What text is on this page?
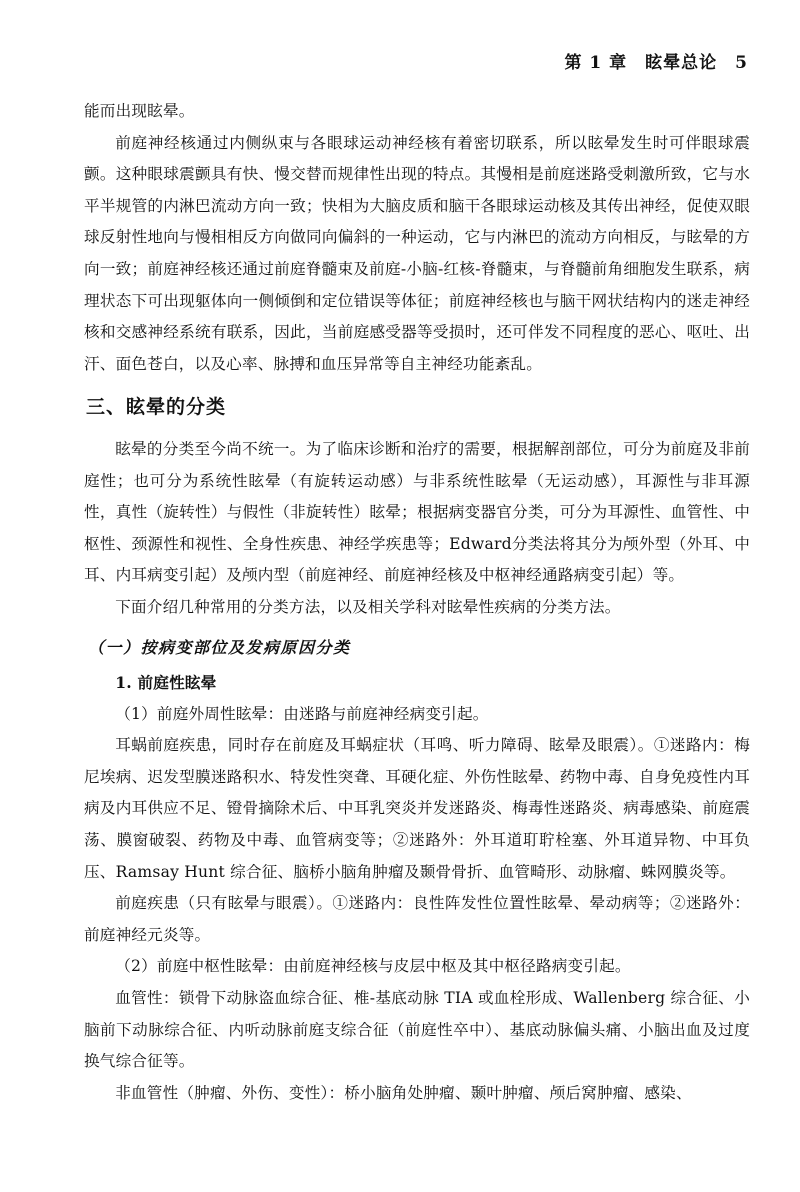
第 1 章　眩晕总论 5

能而出现眩晕。

前庭神经核通过内侧纵束与各眼球运动神经核有着密切联系，所以眩晕发生时可伴眼球震颤。这种眼球震颤具有快、慢交替而规律性出现的特点。其慢相是前庭迷路受刺激所致，它与水平半规管的内淋巴流动方向一致；快相为大脑皮质和脑干各眼球运动核及其传出神经，促使双眼球反射性地向与慢相相反方向做同向偏斜的一种运动，它与内淋巴的流动方向相反，与眩晕的方向一致；前庭神经核还通过前庭脊髓束及前庭-小脑-红核-脊髓束，与脊髓前角细胞发生联系，病理状态下可出现躯体向一侧倾倒和定位错误等体征；前庭神经核也与脑干网状结构内的迷走神经核和交感神经系统有联系，因此，当前庭感受器等受损时，还可伴发不同程度的恶心、呕吐、出汗、面色苍白，以及心率、脉搏和血压异常等自主神经功能紊乱。

三、眩晕的分类

眩晕的分类至今尚不统一。为了临床诊断和治疗的需要，根据解剖部位，可分为前庭及非前庭性；也可分为系统性眩晕（有旋转运动感）与非系统性眩晕（无运动感），耳源性与非耳源性，真性（旋转性）与假性（非旋转性）眩晕；根据病变器官分类，可分为耳源性、血管性、中枢性、颈源性和视性、全身性疾患、神经学疾患等；Edward分类法将其分为颅外型（外耳、中耳、内耳病变引起）及颅内型（前庭神经、前庭神经核及中枢神经通路病变引起）等。

下面介绍几种常用的分类方法，以及相关学科对眩晕性疾病的分类方法。

（一）按病变部位及发病原因分类

1. 前庭性眩晕

（1）前庭外周性眩晕：由迷路与前庭神经病变引起。

耳蜗前庭疾患，同时存在前庭及耳蜗症状（耳鸣、听力障碍、眩晕及眼震）。①迷路内：梅尼埃病、迟发型膜迷路积水、特发性突聋、耳硬化症、外伤性眩晕、药物中毒、自身免疫性内耳病及内耳供应不足、镫骨摘除术后、中耳乳突炎并发迷路炎、梅毒性迷路炎、病毒感染、前庭震荡、膜窗破裂、药物及中毒、血管病变等；②迷路外：外耳道耵聍栓塞、外耳道异物、中耳负压、Ramsay Hunt 综合征、脑桥小脑角肿瘤及颞骨骨折、血管畸形、动脉瘤、蛛网膜炎等。

前庭疾患（只有眩晕与眼震）。①迷路内：良性阵发性位置性眩晕、晕动病等；②迷路外：前庭神经元炎等。

（2）前庭中枢性眩晕：由前庭神经核与皮层中枢及其中枢径路病变引起。

血管性：锁骨下动脉盗血综合征、椎-基底动脉 TIA 或血栓形成、Wallenberg 综合征、小脑前下动脉综合征、内听动脉前庭支综合征（前庭性卒中）、基底动脉偏头痛、小脑出血及过度换气综合征等。

非血管性（肿瘤、外伤、变性）：桥小脑角处肿瘤、颞叶肿瘤、颅后窝肿瘤、感染、
